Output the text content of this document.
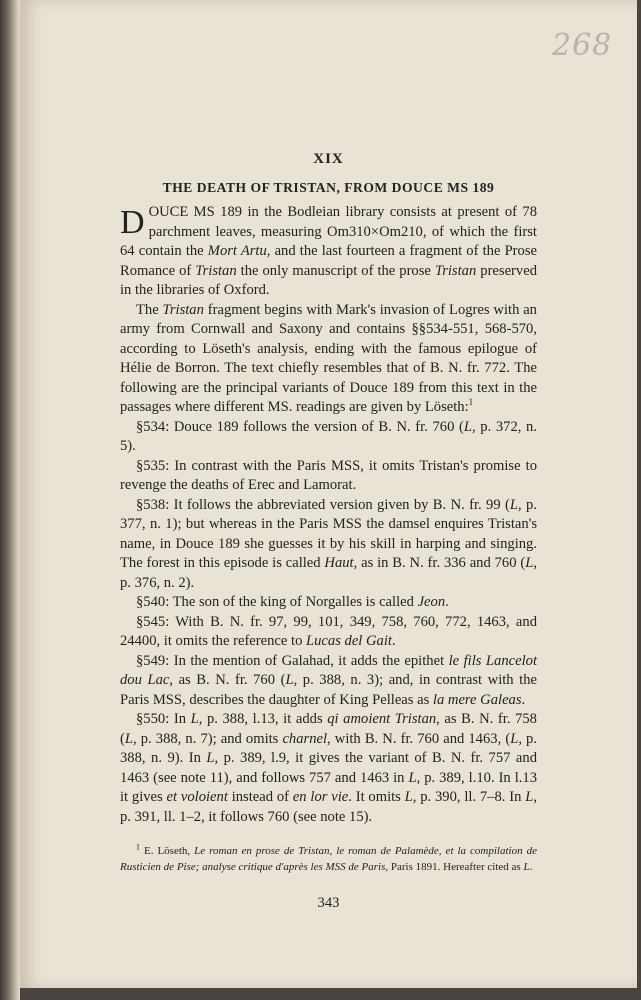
268
XIX
THE DEATH OF TRISTAN, FROM DOUCE MS 189

DOUCE MS 189 in the Bodleian library consists at present of 78 parchment leaves, measuring Om310×Om210, of which the first 64 contain the Mort Artu, and the last fourteen a fragment of the Prose Romance of Tristan the only manuscript of the prose Tristan preserved in the libraries of Oxford.

The Tristan fragment begins with Mark's invasion of Logres with an army from Cornwall and Saxony and contains §§534-551, 568-570, according to Löseth's analysis, ending with the famous epilogue of Hélie de Borron. The text chiefly resembles that of B. N. fr. 772. The following are the principal variants of Douce 189 from this text in the passages where different MS. readings are given by Löseth:$^1$

§534: Douce 189 follows the version of B. N. fr. 760 (L, p. 372, n. 5).

§535: In contrast with the Paris MSS, it omits Tristan's promise to revenge the deaths of Erec and Lamorat.

§538: It follows the abbreviated version given by B. N. fr. 99 (L, p. 377, n. 1); but whereas in the Paris MSS the damsel enquires Tristan's name, in Douce 189 she guesses it by his skill in harping and singing. The forest in this episode is called Haut, as in B. N. fr. 336 and 760 (L, p. 376, n. 2).

§540: The son of the king of Norgalles is called Jeon.

§545: With B. N. fr. 97, 99, 101, 349, 758, 760, 772, 1463, and 24400, it omits the reference to Lucas del Gait.

§549: In the mention of Galahad, it adds the epithet le fils Lancelot dou Lac, as B. N. fr. 760 (L, p. 388, n. 3); and, in contrast with the Paris MSS, describes the daughter of King Pelleas as la mere Galeas.

§550: In L, p. 388, l.13, it adds qi amoient Tristan, as B. N. fr. 758 (L, p. 388, n. 7); and omits charnel, with B. N. fr. 760 and 1463, (L, p. 388, n. 9). In L, p. 389, l.9, it gives the variant of B. N. fr. 757 and 1463 (see note 11), and follows 757 and 1463 in L, p. 389, l.10. In l.13 it gives et voloient instead of en lor vie. It omits L, p. 390, ll. 7–8. In L, p. 391, ll. 1–2, it follows 760 (see note 15).

$^1$ E. Löseth, Le roman en prose de Tristan, le roman de Palamède, et la compilation de Rusticien de Pise; analyse critique d'après les MSS de Paris, Paris 1891. Hereafter cited as L.
343
